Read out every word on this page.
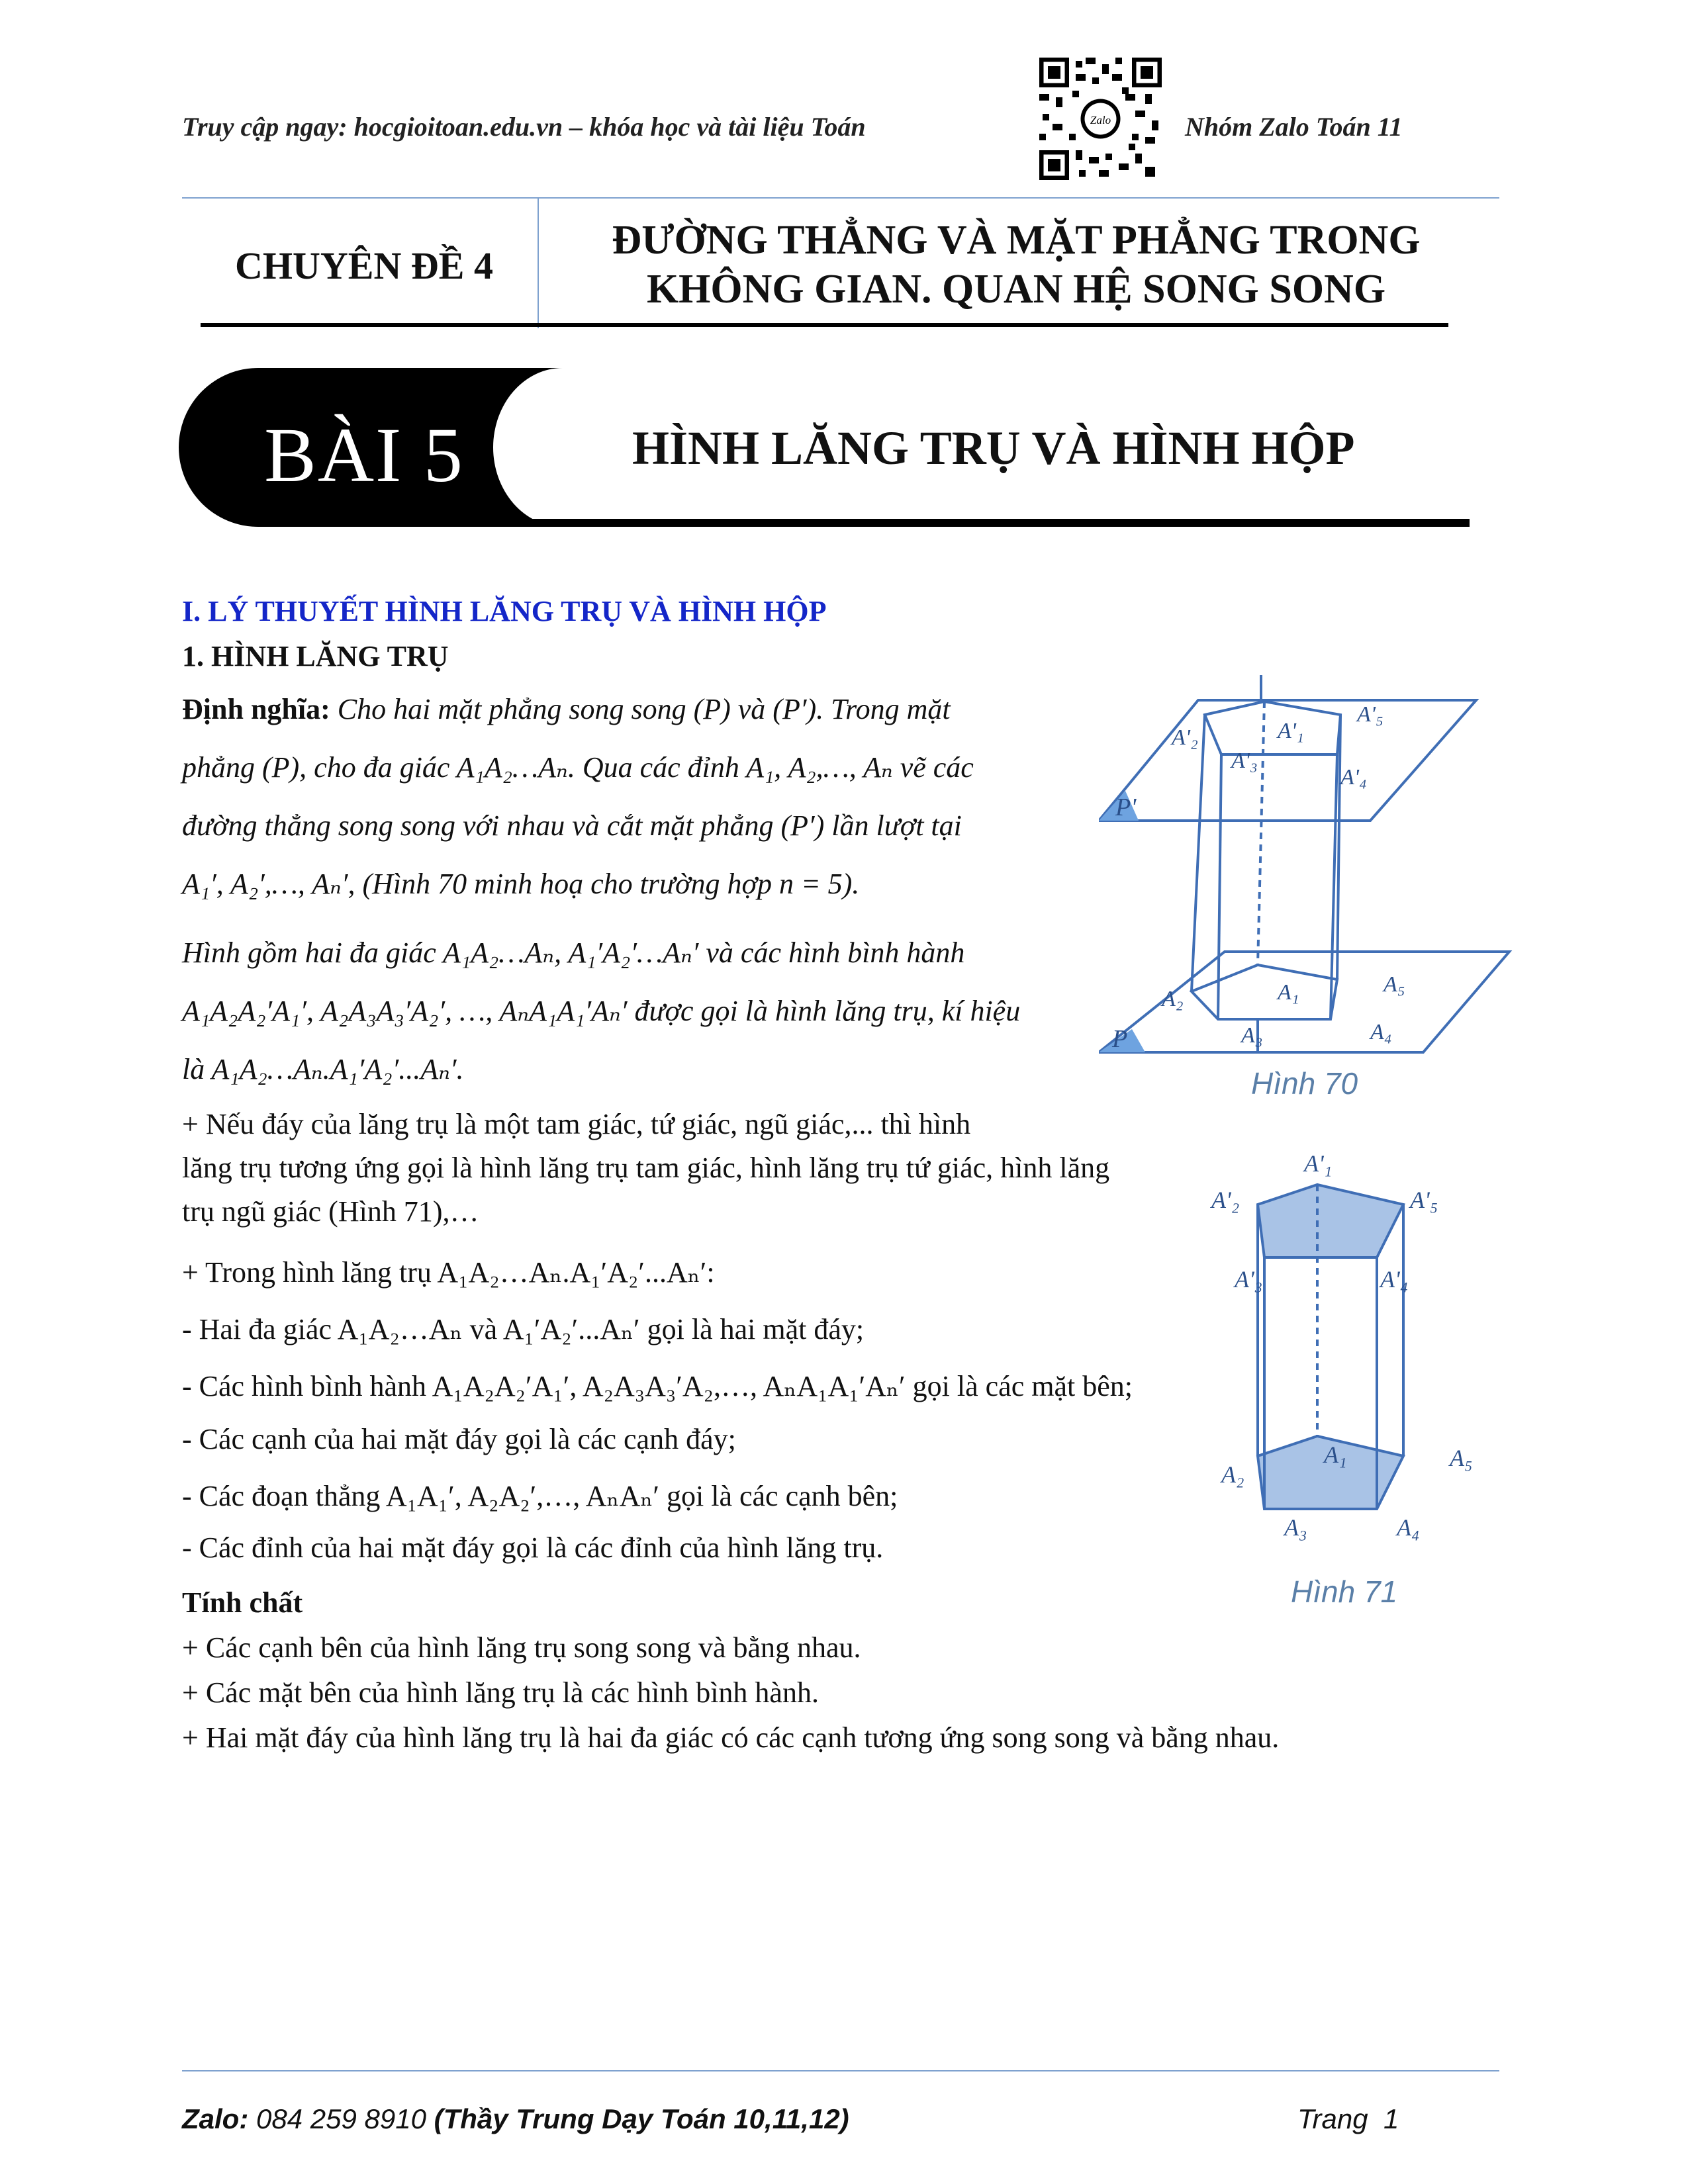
Truy cập ngay: hocgioitoan.edu.vn – khóa học và tài liệu Toán	Zalo	Nhóm Zalo Toán 11
CHUYÊN ĐỀ 4
ĐƯỜNG THẲNG VÀ MẶT PHẲNG TRONG
KHÔNG GIAN. QUAN HỆ SONG SONG
BÀI 5	HÌNH LĂNG TRỤ VÀ HÌNH HỘP
I. LÝ THUYẾT HÌNH LĂNG TRỤ VÀ HÌNH HỘP
1. HÌNH LĂNG TRỤ
Định nghĩa: Cho hai mặt phẳng song song (P) và (P′). Trong mặt
phẳng (P), cho đa giác A₁A₂…Aₙ. Qua các đỉnh A₁, A₂,…, Aₙ vẽ các
đường thẳng song song với nhau và cắt mặt phẳng (P′) lần lượt tại
A₁′, A₂′,…, Aₙ′, (Hình 70 minh hoạ cho trường hợp n = 5).
Hình gồm hai đa giác A₁A₂…Aₙ, A₁′A₂′…Aₙ′ và các hình bình hành
A₁A₂A₂′A₁′, A₂A₃A₃′A₂′, …, AₙA₁A₁′Aₙ′ được gọi là hình lăng trụ, kí hiệu
là A₁A₂…Aₙ.A₁′A₂′...Aₙ′.
+ Nếu đáy của lăng trụ là một tam giác, tứ giác, ngũ giác,... thì hình
lăng trụ tương ứng gọi là hình lăng trụ tam giác, hình lăng trụ tứ giác, hình lăng
trụ ngũ giác (Hình 71),…
+ Trong hình lăng trụ A₁A₂…Aₙ.A₁′A₂′...Aₙ′:
- Hai đa giác A₁A₂…Aₙ và A₁′A₂′...Aₙ′ gọi là hai mặt đáy;
- Các hình bình hành A₁A₂A₂′A₁′, A₂A₃A₃′A₂,…, AₙA₁A₁′Aₙ′ gọi là các mặt bên;
- Các cạnh của hai mặt đáy gọi là các cạnh đáy;
- Các đoạn thẳng A₁A₁′, A₂A₂′,…, AₙAₙ′ gọi là các cạnh bên;
- Các đỉnh của hai mặt đáy gọi là các đỉnh của hình lăng trụ.
Tính chất
+ Các cạnh bên của hình lăng trụ song song và bằng nhau.
+ Các mặt bên của hình lăng trụ là các hình bình hành.
+ Hai mặt đáy của hình lăng trụ là hai đa giác có các cạnh tương ứng song song và bằng nhau.
P'
P
A'₂
A'₃
A'₁
A'₅
A'₄
A₂
A₃
A₁	A₅
A₄
Hình 70
A'₁
A'₂	A'₅
A'₃	A'₄
A₁
A₂
A₅
A₃	A₄
Hình 71
Zalo: 084 259 8910 (Thầy Trung Dạy Toán 10,11,12)	Trang  1
